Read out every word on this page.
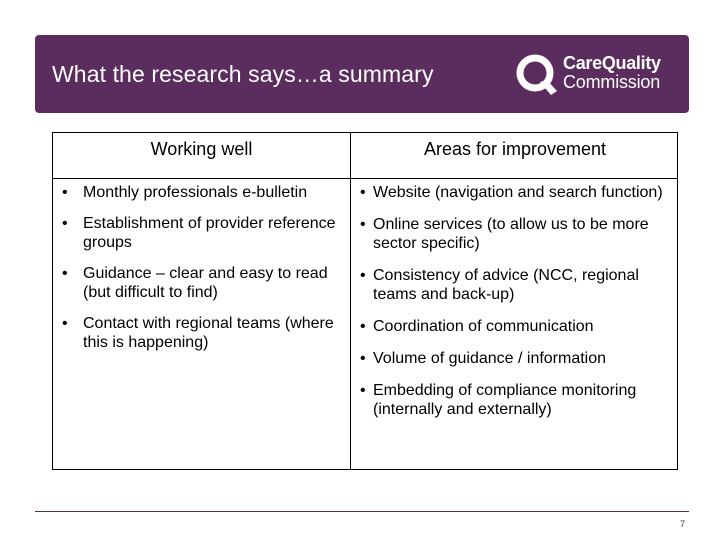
What the research says…a summary	CareQuality
Commission
Working well	Areas for improvement
• Monthly professionals e-bulletin
• Establishment of provider reference groups
• Guidance – clear and easy to read (but difficult to find)
• Contact with regional teams (where this is happening)
• Website (navigation and search function)
• Online services (to allow us to be more sector specific)
• Consistency of advice (NCC, regional teams and back-up)
• Coordination of communication
• Volume of guidance / information
• Embedding of compliance monitoring (internally and externally)
7
